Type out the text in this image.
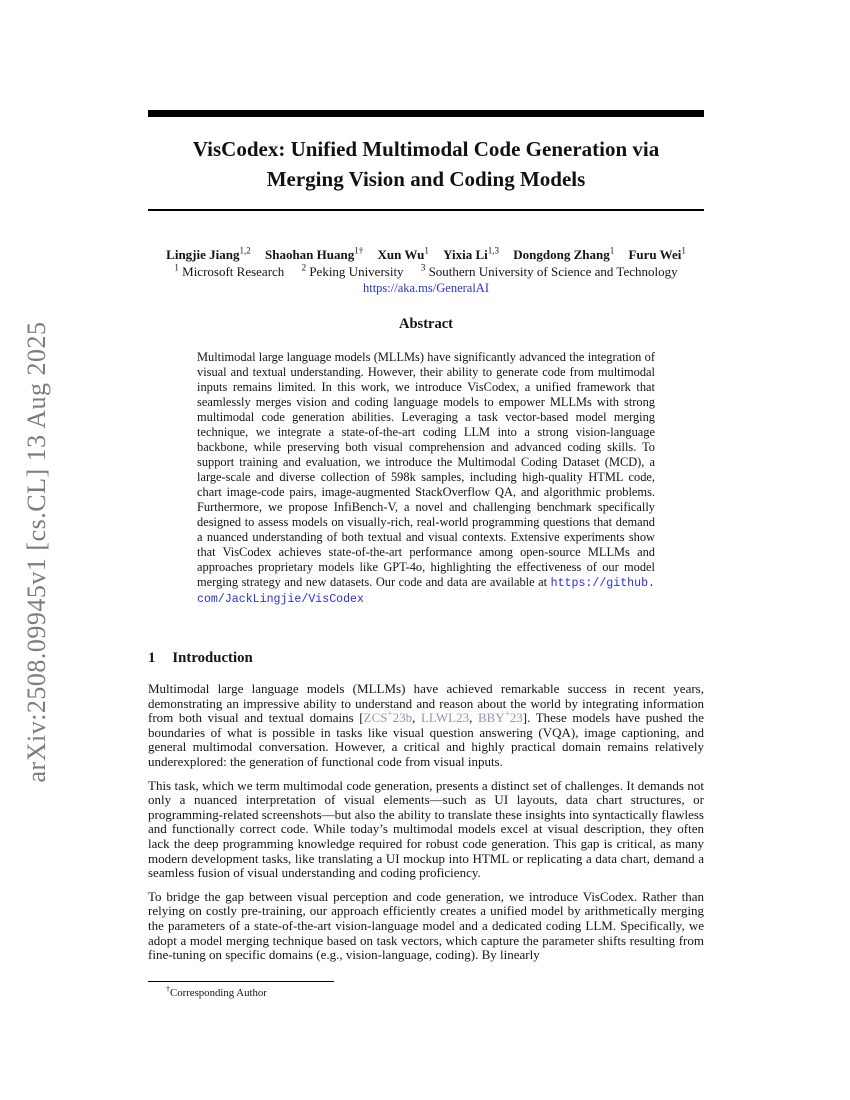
arXiv:2508.09945v1 [cs.CL] 13 Aug 2025
VisCodex: Unified Multimodal Code Generation via
Merging Vision and Coding Models
Lingjie Jiang$^{1,2}$ Shaohan Huang$^{1\dagger}$ Xun Wu$^1$ Yixia Li$^{1,3}$ Dongdong Zhang$^1$ Furu Wei$^1$
$^1$ Microsoft Research $^2$ Peking University $^3$ Southern University of Science and Technology
https://aka.ms/GeneralAI
Abstract
Multimodal large language models (MLLMs) have significantly advanced the integration of visual and textual understanding. However, their ability to generate code from multimodal inputs remains limited. In this work, we introduce VisCodex, a unified framework that seamlessly merges vision and coding language models to empower MLLMs with strong multimodal code generation abilities. Leveraging a task vector-based model merging technique, we integrate a state-of-the-art coding LLM into a strong vision-language backbone, while preserving both visual comprehension and advanced coding skills. To support training and evaluation, we introduce the Multimodal Coding Dataset (MCD), a large-scale and diverse collection of 598k samples, including high-quality HTML code, chart image-code pairs, image-augmented StackOverflow QA, and algorithmic problems. Furthermore, we propose InfiBench-V, a novel and challenging benchmark specifically designed to assess models on visually-rich, real-world programming questions that demand a nuanced understanding of both textual and visual contexts. Extensive experiments show that VisCodex achieves state-of-the-art performance among open-source MLLMs and approaches proprietary models like GPT-4o, highlighting the effectiveness of our model merging strategy and new datasets. Our code and data are available at https://github.com/JackLingjie/VisCodex
1 Introduction

Multimodal large language models (MLLMs) have achieved remarkable success in recent years, demonstrating an impressive ability to understand and reason about the world by integrating information from both visual and textual domains [ZCS+23b, LLWL23, BBY+23]. These models have pushed the boundaries of what is possible in tasks like visual question answering (VQA), image captioning, and general multimodal conversation. However, a critical and highly practical domain remains relatively underexplored: the generation of functional code from visual inputs.

This task, which we term multimodal code generation, presents a distinct set of challenges. It demands not only a nuanced interpretation of visual elements—such as UI layouts, data chart structures, or programming-related screenshots—but also the ability to translate these insights into syntactically flawless and functionally correct code. While today’s multimodal models excel at visual description, they often lack the deep programming knowledge required for robust code generation. This gap is critical, as many modern development tasks, like translating a UI mockup into HTML or replicating a data chart, demand a seamless fusion of visual understanding and coding proficiency.

To bridge the gap between visual perception and code generation, we introduce VisCodex. Rather than relying on costly pre-training, our approach efficiently creates a unified model by arithmetically merging the parameters of a state-of-the-art vision-language model and a dedicated coding LLM. Specifically, we adopt a model merging technique based on task vectors, which capture the parameter shifts resulting from fine-tuning on specific domains (e.g., vision-language, coding). By linearly

†Corresponding Author
